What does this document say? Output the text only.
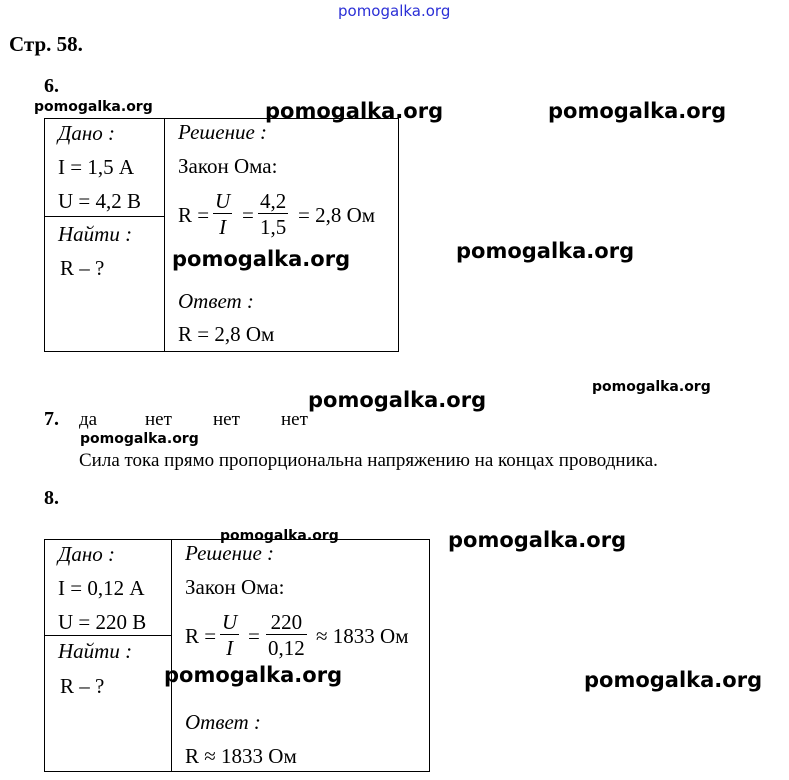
pomogalka.org
Стр. 58.
6.
pomogalka.org	pomogalka.org	pomogalka.org
Дано :
I = 1,5 А
U = 4,2 В
Найти :
R – ?
Решение :
Закон Ома:
$R = \frac{U}{I} = \frac{4,2}{1,5} = 2,8$ Ом
pomogalka.org	pomogalka.org
Ответ :
R = 2,8 Ом
pomogalka.org
pomogalka.org
7. да	нет нет нет
pomogalka.org
Сила тока прямо пропорциональна напряжению на концах проводника.
8.
pomogalka.org	pomogalka.org
Дано :
I = 0,12 А
U = 220 В
Найти :
R – ?
Решение :
Закон Ома:
$R = \frac{U}{I} = \frac{220}{0,12} \approx 1833$ Ом
pomogalka.org	pomogalka.org
Ответ :
R ≈ 1833 Ом
